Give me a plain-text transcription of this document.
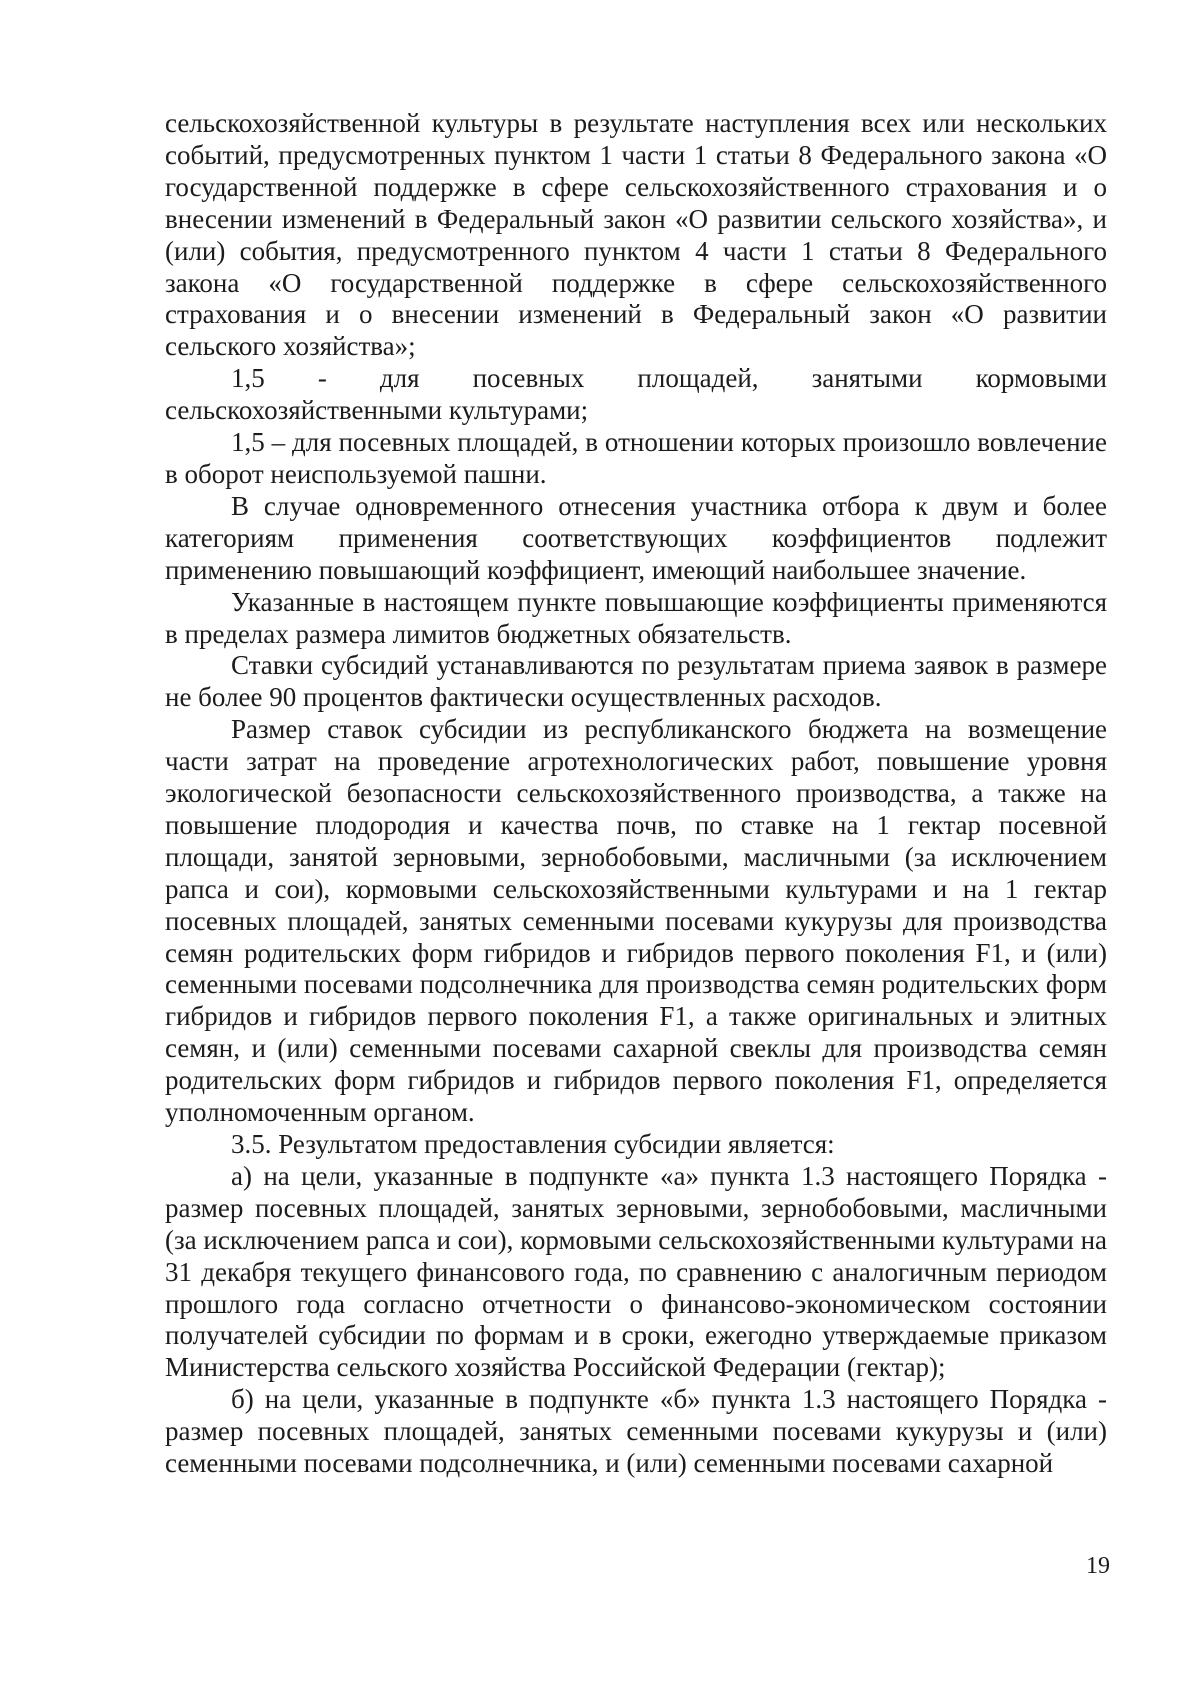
сельскохозяйственной культуры в результате наступления всех или нескольких событий, предусмотренных пунктом 1 части 1 статьи 8 Федерального закона «О государственной поддержке в сфере сельскохозяйственного страхования и о внесении изменений в Федеральный закон «О развитии сельского хозяйства», и (или) события, предусмотренного пунктом 4 части 1 статьи 8 Федерального закона «О государственной поддержке в сфере сельскохозяйственного страхования и о внесении изменений в Федеральный закон «О развитии сельского хозяйства»;

1,5 - для посевных площадей, занятыми кормовыми сельскохозяйственными культурами;

1,5 – для посевных площадей, в отношении которых произошло вовлечение в оборот неиспользуемой пашни.

В случае одновременного отнесения участника отбора к двум и более категориям применения соответствующих коэффициентов подлежит применению повышающий коэффициент, имеющий наибольшее значение.

Указанные в настоящем пункте повышающие коэффициенты применяются в пределах размера лимитов бюджетных обязательств.

Ставки субсидий устанавливаются по результатам приема заявок в размере не более 90 процентов фактически осуществленных расходов.

Размер ставок субсидии из республиканского бюджета на возмещение части затрат на проведение агротехнологических работ, повышение уровня экологической безопасности сельскохозяйственного производства, а также на повышение плодородия и качества почв, по ставке на 1 гектар посевной площади, занятой зерновыми, зернобобовыми, масличными (за исключением рапса и сои), кормовыми сельскохозяйственными культурами и на 1 гектар посевных площадей, занятых семенными посевами кукурузы для производства семян родительских форм гибридов и гибридов первого поколения F1, и (или) семенными посевами подсолнечника для производства семян родительских форм гибридов и гибридов первого поколения F1, а также оригинальных и элитных семян, и (или) семенными посевами сахарной свеклы для производства семян родительских форм гибридов и гибридов первого поколения F1, определяется уполномоченным органом.

3.5. Результатом предоставления субсидии является:

а) на цели, указанные в подпункте «а» пункта 1.3 настоящего Порядка - размер посевных площадей, занятых зерновыми, зернобобовыми, масличными (за исключением рапса и сои), кормовыми сельскохозяйственными культурами на 31 декабря текущего финансового года, по сравнению с аналогичным периодом прошлого года согласно отчетности о финансово-экономическом состоянии получателей субсидии по формам и в сроки, ежегодно утверждаемые приказом Министерства сельского хозяйства Российской Федерации (гектар);

б) на цели, указанные в подпункте «б» пункта 1.3 настоящего Порядка - размер посевных площадей, занятых семенными посевами кукурузы и (или) семенными посевами подсолнечника, и (или) семенными посевами сахарной

19
